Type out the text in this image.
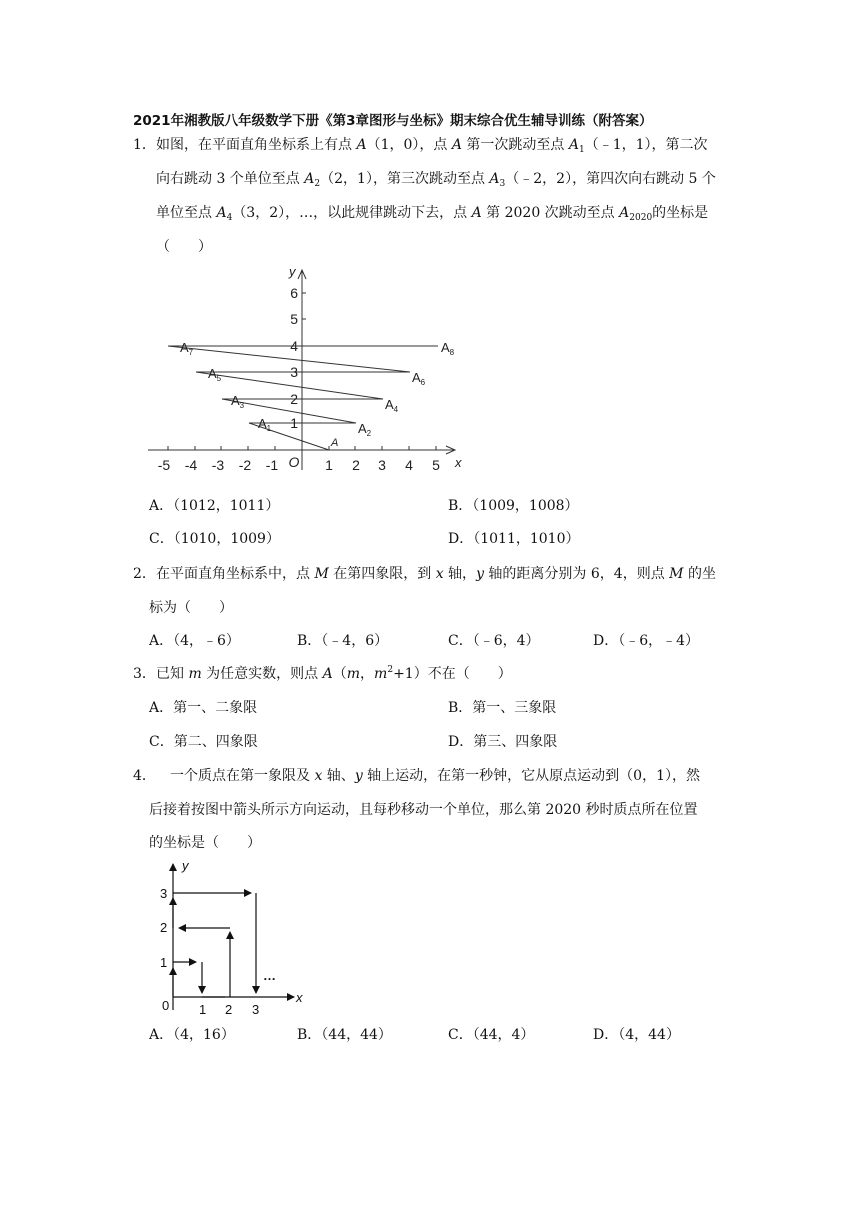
2021年湘教版八年级数学下册《第3章图形与坐标》期末综合优生辅导训练（附答案）
1． 如图，在平面直角坐标系上有点 A（1，0），点 A 第一次跳动至点 $A_1(﹣1$，1），第二次
向右跳动 3 个单位至点 $A_2(2$，1），第三次跳动至点 $A_3(﹣2$，2），第四次向右跳动 5 个
单位至点 $A_4(3$，2），…，以此规律跳动下去，点 A 第 2020 次跳动至点 $A_{2020}$的坐标是
（　　）
-5 -4 -3 -2 -1 O 1 2 3 4 5 x
1
2
3
4
5
6
y
A
$A_1$	$A_2$
$A_3$	$A_4$
$A_5$	$A_6$
$A_7$	$A_8$
A．（1012，1011）	B．（1009，1008）
C．（1010，1009）	D．（1011，1010）
2． 在平面直角坐标系中，点 M 在第四象限，到 x 轴，y 轴的距离分别为 6，4，则点 M 的坐
标为（　　）
A．（4，﹣6）	B．（﹣4，6）	C．（﹣6，4）	D．（﹣6，﹣4）
3． 已知 m 为任意实数，则点 A（m，$m^2+1$）不在（　　）
A．第一、二象限	B．第一、三象限
C．第二、四象限	D．第三、四象限
4． 　一个质点在第一象限及 x 轴、y 轴上运动，在第一秒钟，它从原点运动到（0，1），然
后接着按图中箭头所示方向运动，且每秒移动一个单位，那么第 2020 秒时质点所在位置
的坐标是（　　）
y
x
0 1 2 3
1
2
3
…
A．（4，16）	B．（44，44）	C．（44，4）	D．（4，44）
